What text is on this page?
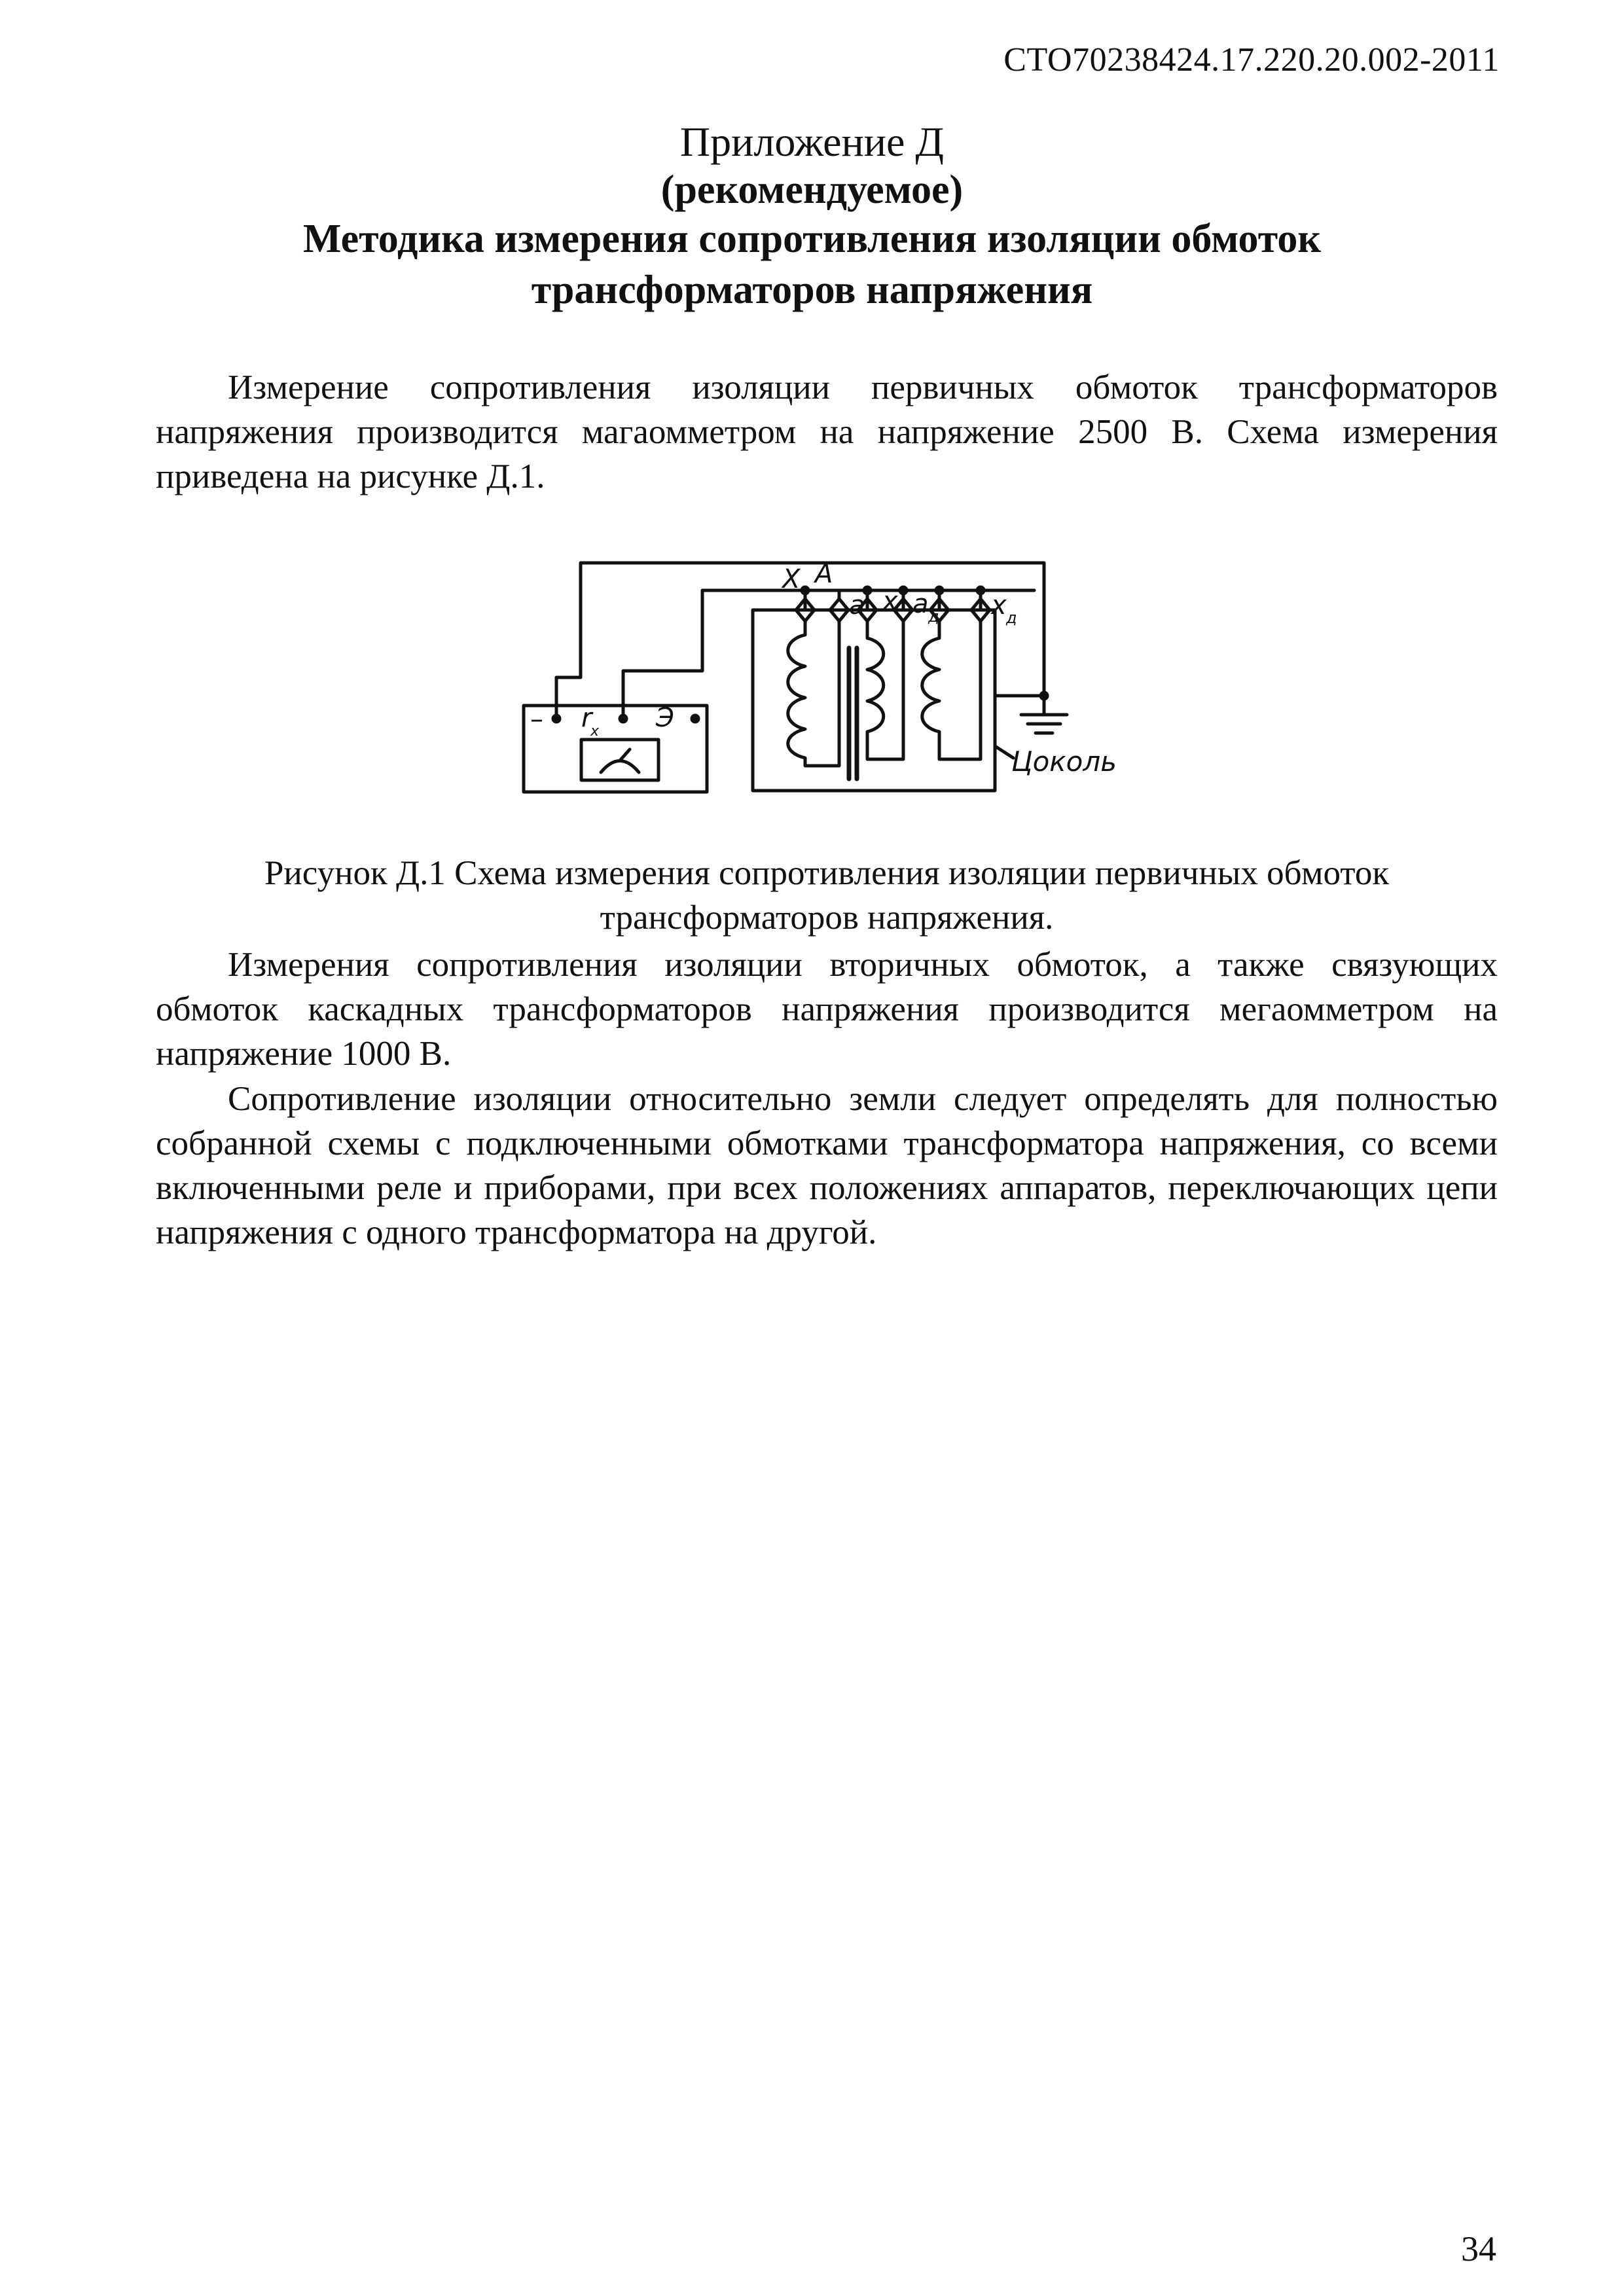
СТО70238424.17.220.20.002-2011
Приложение Д
(рекомендуемое)
Методика измерения сопротивления изоляции обмоток
трансформаторов напряжения

Измерение сопротивления изоляции первичных обмоток трансформаторов напряжения производится магаомметром на напряжение 2500 В. Схема измерения приведена на рисунке Д.1.

X A
a x a д x д
– r
x Э
Цоколь

Рисунок Д.1 Схема измерения сопротивления изоляции первичных обмоток трансформаторов напряжения.

Измерения сопротивления изоляции вторичных обмоток, а также связующих обмоток каскадных трансформаторов напряжения производится мегаомметром на напряжение 1000 В.

Сопротивление изоляции относительно земли следует определять для полностью собранной схемы с подключенными обмотками трансформатора напряжения, со всеми включенными реле и приборами, при всех положениях аппаратов, переключающих цепи напряжения с одного трансформатора на другой.

34
